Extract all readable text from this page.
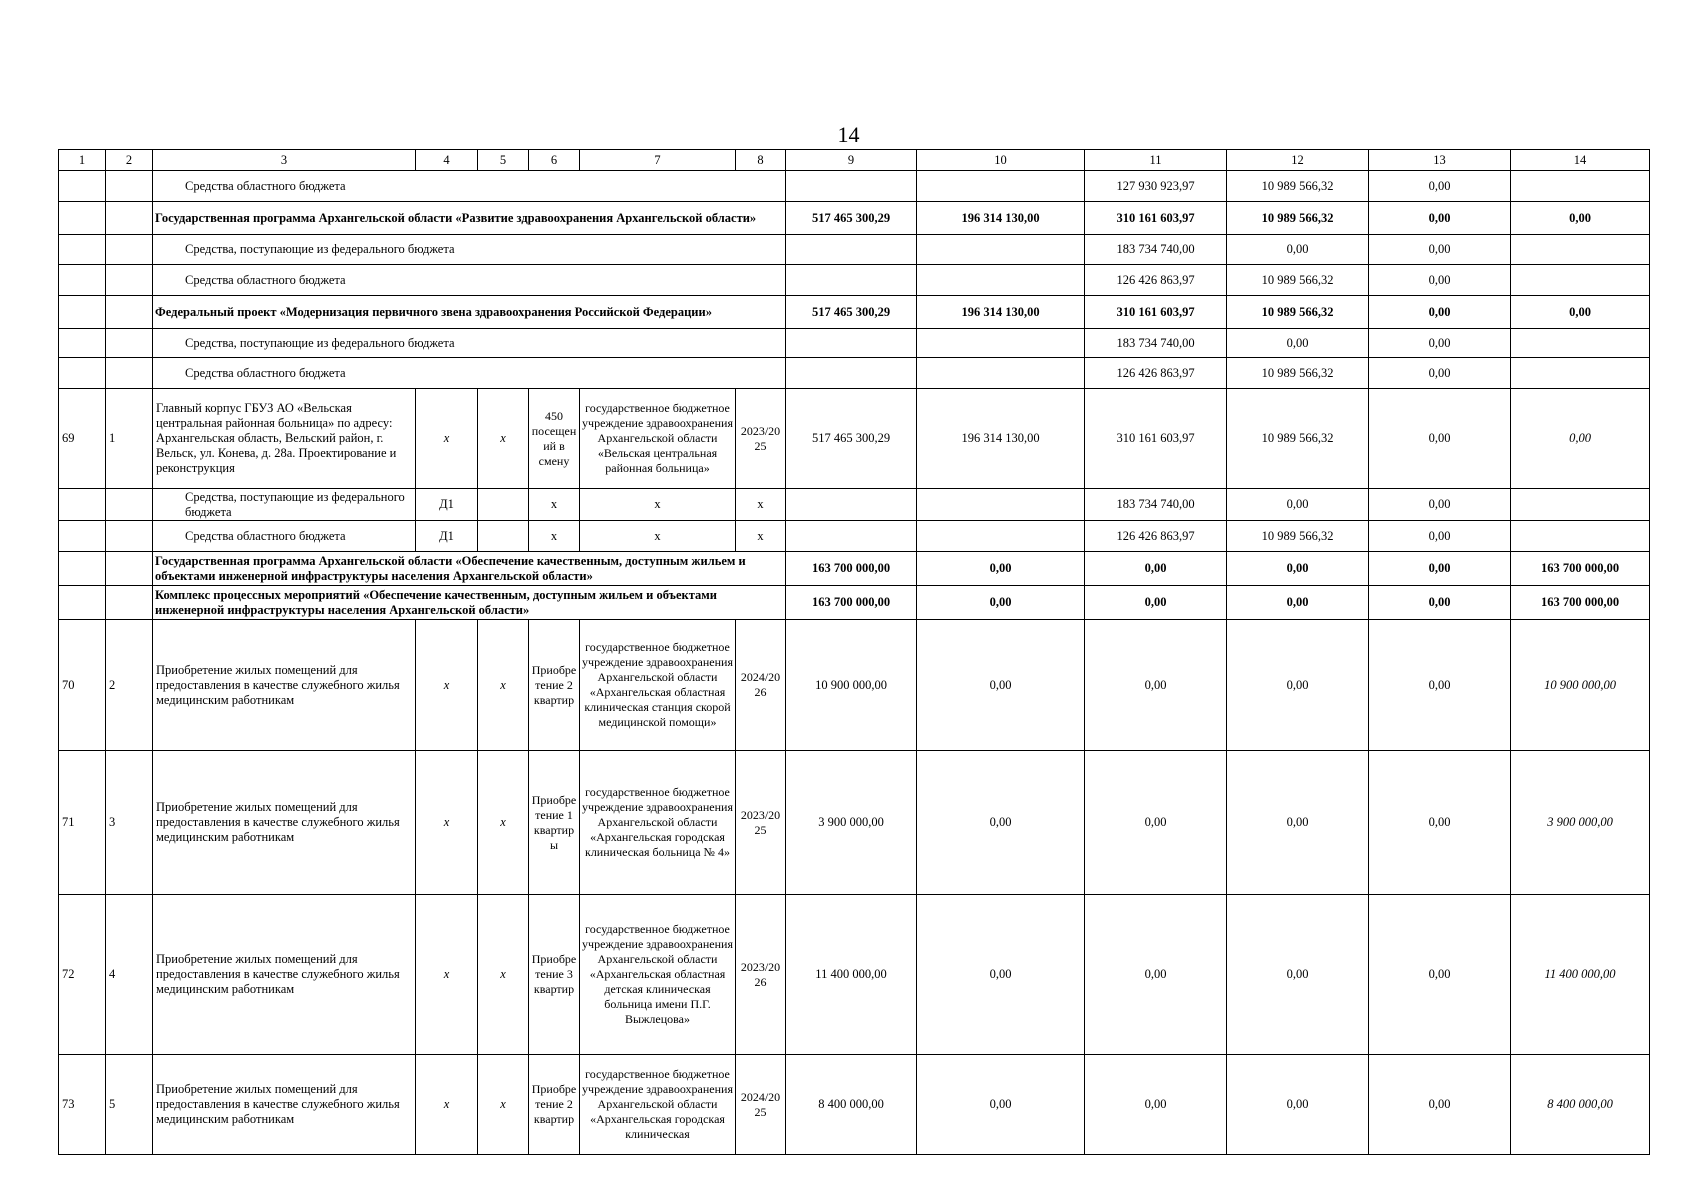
14
1	2	3	4	5	6	7	8	9	10	11	12	13	14
		Средства областного бюджета								127 930 923,97	10 989 566,32	0,00	
		Государственная программа Архангельской области «Развитие здравоохранения Архангельской области»						517 465 300,29	196 314 130,00	310 161 603,97	10 989 566,32	0,00	0,00
		Средства, поступающие из федерального бюджета								183 734 740,00	0,00	0,00	
		Средства областного бюджета								126 426 863,97	10 989 566,32	0,00	
		Федеральный проект «Модернизация первичного звена здравоохранения Российской Федерации»						517 465 300,29	196 314 130,00	310 161 603,97	10 989 566,32	0,00	0,00
		Средства, поступающие из федерального бюджета								183 734 740,00	0,00	0,00	
		Средства областного бюджета								126 426 863,97	10 989 566,32	0,00	
69	1	Главный корпус ГБУЗ АО «Вельская центральная районная больница» по адресу: Архангельская область, Вельский район, г. Вельск, ул. Конева, д. 28а. Проектирование и реконструкция	x	x	450 посещений в смену	государственное бюджетное учреждение здравоохранения Архангельской области «Вельская центральная районная больница»	2023/2025	517 465 300,29	196 314 130,00	310 161 603,97	10 989 566,32	0,00	0,00
		Средства, поступающие из федерального бюджета	Д1		x	x	x			183 734 740,00	0,00	0,00	
		Средства областного бюджета	Д1		x	x	x			126 426 863,97	10 989 566,32	0,00	
		Государственная программа Архангельской области «Обеспечение качественным, доступным жильем и объектами инженерной инфраструктуры населения Архангельской области»						163 700 000,00	0,00	0,00	0,00	0,00	163 700 000,00
		Комплекс процессных мероприятий «Обеспечение качественным, доступным жильем и объектами инженерной инфраструктуры населения Архангельской области»						163 700 000,00	0,00	0,00	0,00	0,00	163 700 000,00
70	2	Приобретение жилых помещений для предоставления в качестве служебного жилья медицинским работникам	x	x	Приобретение 2 квартир	государственное бюджетное учреждение здравоохранения Архангельской области «Архангельская областная клиническая станция скорой медицинской помощи»	2024/2026	10 900 000,00	0,00	0,00	0,00	0,00	10 900 000,00
71	3	Приобретение жилых помещений для предоставления в качестве служебного жилья медицинским работникам	x	x	Приобретение 1 квартиры	государственное бюджетное учреждение здравоохранения Архангельской области «Архангельская городская клиническая больница № 4»	2023/2025	3 900 000,00	0,00	0,00	0,00	0,00	3 900 000,00
72	4	Приобретение жилых помещений для предоставления в качестве служебного жилья медицинским работникам	x	x	Приобретение 3 квартир	государственное бюджетное учреждение здравоохранения Архангельской области «Архангельская областная детская клиническая больница имени П.Г. Выжлецова»	2023/2026	11 400 000,00	0,00	0,00	0,00	0,00	11 400 000,00
73	5	Приобретение жилых помещений для предоставления в качестве служебного жилья медицинским работникам	x	x	Приобретение 2 квартир	государственное бюджетное учреждение здравоохранения Архангельской области «Архангельская городская клиническая	2024/2025	8 400 000,00	0,00	0,00	0,00	0,00	8 400 000,00
